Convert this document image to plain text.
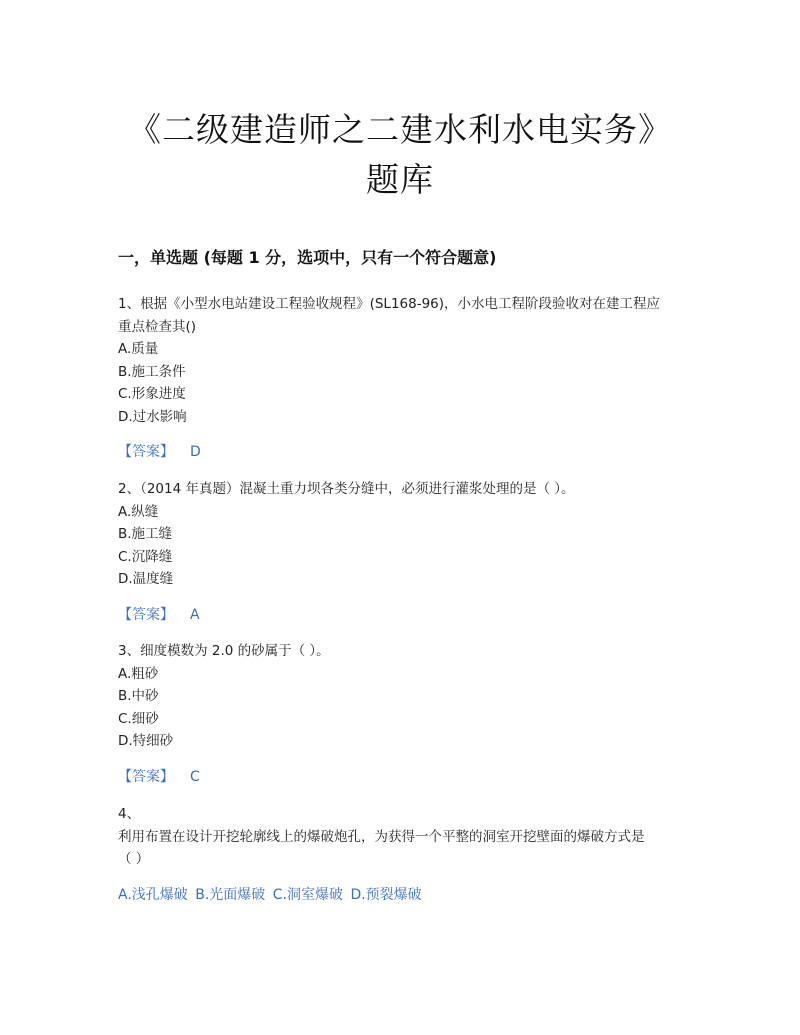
《二级建造师之二建水利水电实务》
题库
一，单选题 (每题 1 分，选项中，只有一个符合题意)
1、根据《小型水电站建设工程验收规程》(SL168-96)，小水电工程阶段验收对在建工程应
重点检查其()
A.质量
B.施工条件
C.形象进度
D.过水影响
【答案】 D
2、（2014 年真题）混凝土重力坝各类分缝中，必须进行灌浆处理的是（ ）。
A.纵缝
B.施工缝
C.沉降缝
D.温度缝
【答案】 A
3、细度模数为 2.0 的砂属于（ ）。
A.粗砂
B.中砂
C.细砂
D.特细砂
【答案】 C
4、
利用布置在设计开挖轮廓线上的爆破炮孔，为获得一个平整的洞室开挖壁面的爆破方式是
（ ）
A.浅孔爆破 B.光面爆破 C.洞室爆破 D.预裂爆破
